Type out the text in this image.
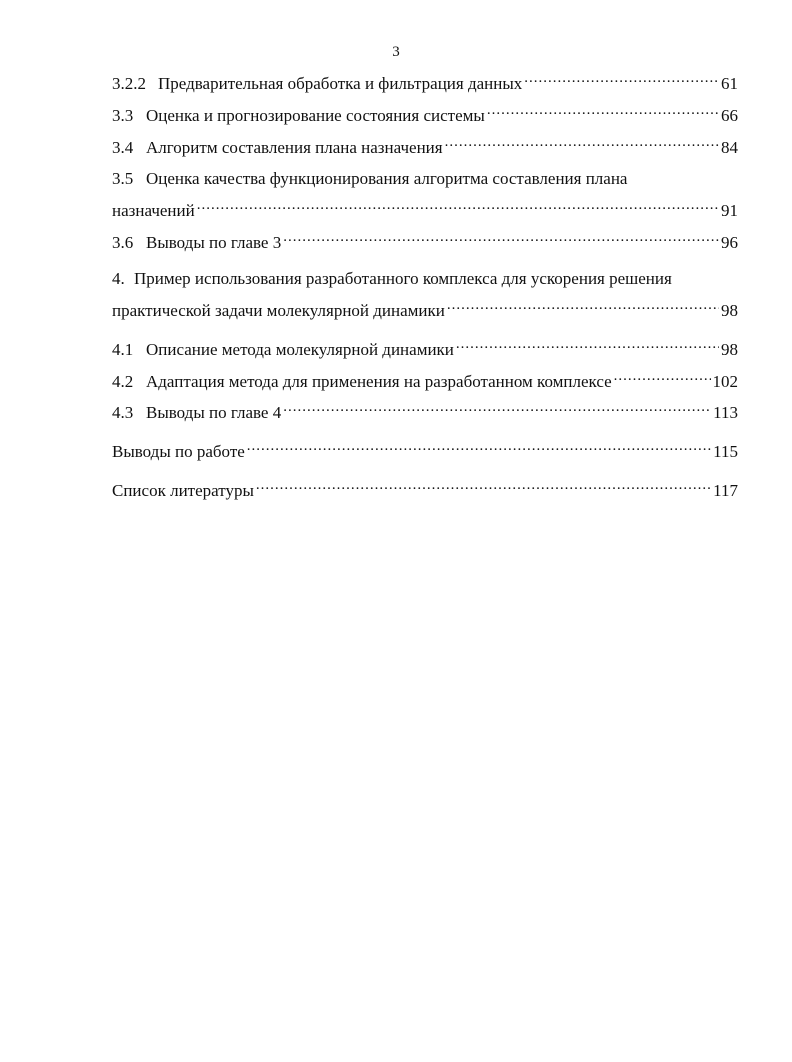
3
3.2.2 Предварительная обработка и фильтрация данных .....	61
3.3 Оценка и прогнозирование состояния системы .....	66
3.4 Алгоритм составления плана назначения .....	84
3.5 Оценка качества функционирования алгоритма составления плана
назначений .....	91
3.6 Выводы по главе 3 .....	96
4. Пример использования разработанного комплекса для ускорения решения
практической задачи молекулярной динамики .....	98
4.1 Описание метода молекулярной динамики .....	98
4.2 Адаптация метода для применения на разработанном комплексе .....	102
4.3 Выводы по главе 4 .....	113
Выводы по работе .....	115
Список литературы .....	117
